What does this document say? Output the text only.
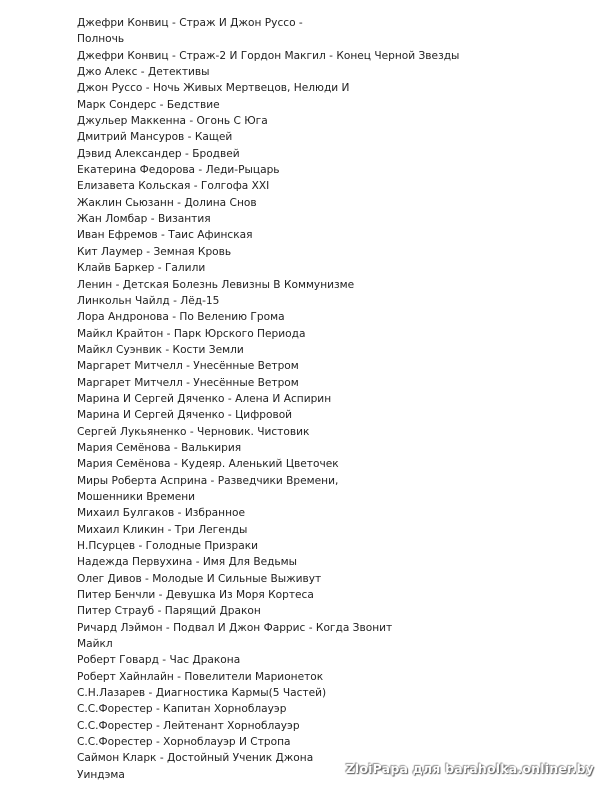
Джефри Конвиц - Страж И Джон Руссо -
Полночь
Джефри Конвиц - Страж-2 И Гордон Макгил - Конец Черной Звезды
Джо Алекс - Детективы
Джон Руссо - Ночь Живых Мертвецов, Нелюди И
Марк Сондерс - Бедствие
Джульер Маккенна - Огонь С Юга
Дмитрий Мансуров - Кащей
Дэвид Александер - Бродвей
Екатерина Федорова - Леди-Рыцарь
Елизавета Кольская - Голгофа XXI
Жаклин Сьюзанн - Долина Снов
Жан Ломбар - Византия
Иван Ефремов - Таис Афинская
Кит Лаумер - Земная Кровь
Клайв Баркер - Галили
Ленин - Детская Болезнь Левизны В Коммунизме
Линкольн Чайлд - Лёд-15
Лора Андронова - По Велению Грома
Майкл Крайтон - Парк Юрского Периода
Майкл Суэнвик - Кости Земли
Маргарет Митчелл - Унесённые Ветром
Маргарет Митчелл - Унесённые Ветром
Марина И Сергей Дяченко - Алена И Аспирин
Марина И Сергей Дяченко - Цифровой
Сергей Лукьяненко - Черновик. Чистовик
Мария Семёнова - Валькирия
Мария Семёнова - Кудеяр. Аленький Цветочек
Миры Роберта Асприна - Разведчики Времени,
Мошенники Времени
Михаил Булгаков - Избранное
Михаил Кликин - Три Легенды
Н.Псурцев - Голодные Призраки
Надежда Первухина - Имя Для Ведьмы
Олег Дивов - Молодые И Сильные Выживут
Питер Бенчли - Девушка Из Моря Кортеса
Питер Страуб - Парящий Дракон
Ричард Лэймон - Подвал И Джон Фаррис - Когда Звонит
Майкл
Роберт Говард - Час Дракона
Роберт Хайнлайн - Повелители Марионеток
С.Н.Лазарев - Диагностика Кармы(5 Частей)
С.С.Форестер - Капитан Хорноблауэр
С.С.Форестер - Лейтенант Хорноблауэр
С.С.Форестер - Хорноблауэр И Стропа
Саймон Кларк - Достойный Ученик Джона
Уиндэма	ZloiPapa для baraholka.onliner.by
